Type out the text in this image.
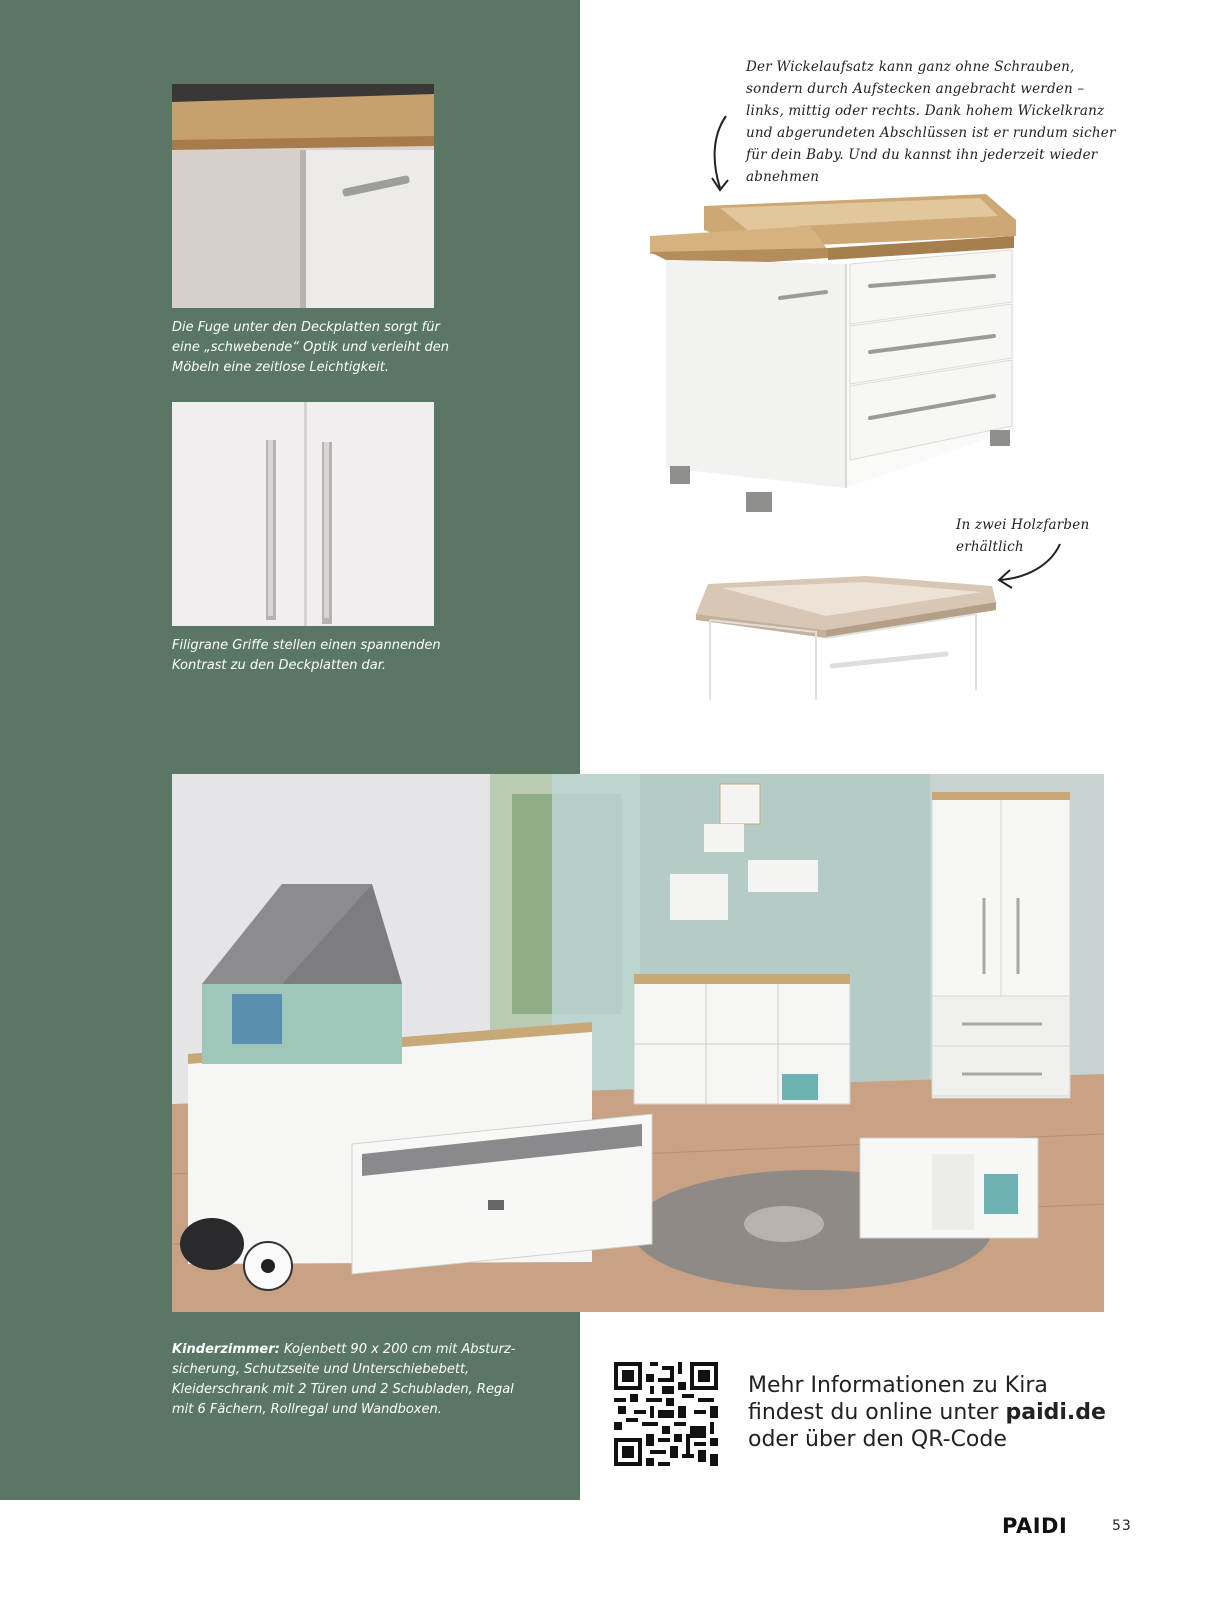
Die Fuge unter den Deckplatten sorgt für eine „schwebende“ Optik und verleiht den Möbeln eine zeitlose Leichtigkeit.
Filigrane Griffe stellen einen spannenden Kontrast zu den Deckplatten dar.
Der Wickelaufsatz kann ganz ohne Schrauben, sondern durch Aufstecken angebracht werden – links, mittig oder rechts. Dank hohem Wickelkranz und abgerundeten Abschlüssen ist er rundum sicher für dein Baby. Und du kannst ihn jederzeit wieder abnehmen
In zwei Holzfarben erhältlich
Kinderzimmer: Kojenbett 90 x 200 cm mit Absturzsicherung, Schutzseite und Unterschiebebett, Kleiderschrank mit 2 Türen und 2 Schubladen, Regal mit 6 Fächern, Rollregal und Wandboxen.
Mehr Informationen zu Kira
findest du online unter paidi.de
oder über den QR-Code
PAIDI	53
